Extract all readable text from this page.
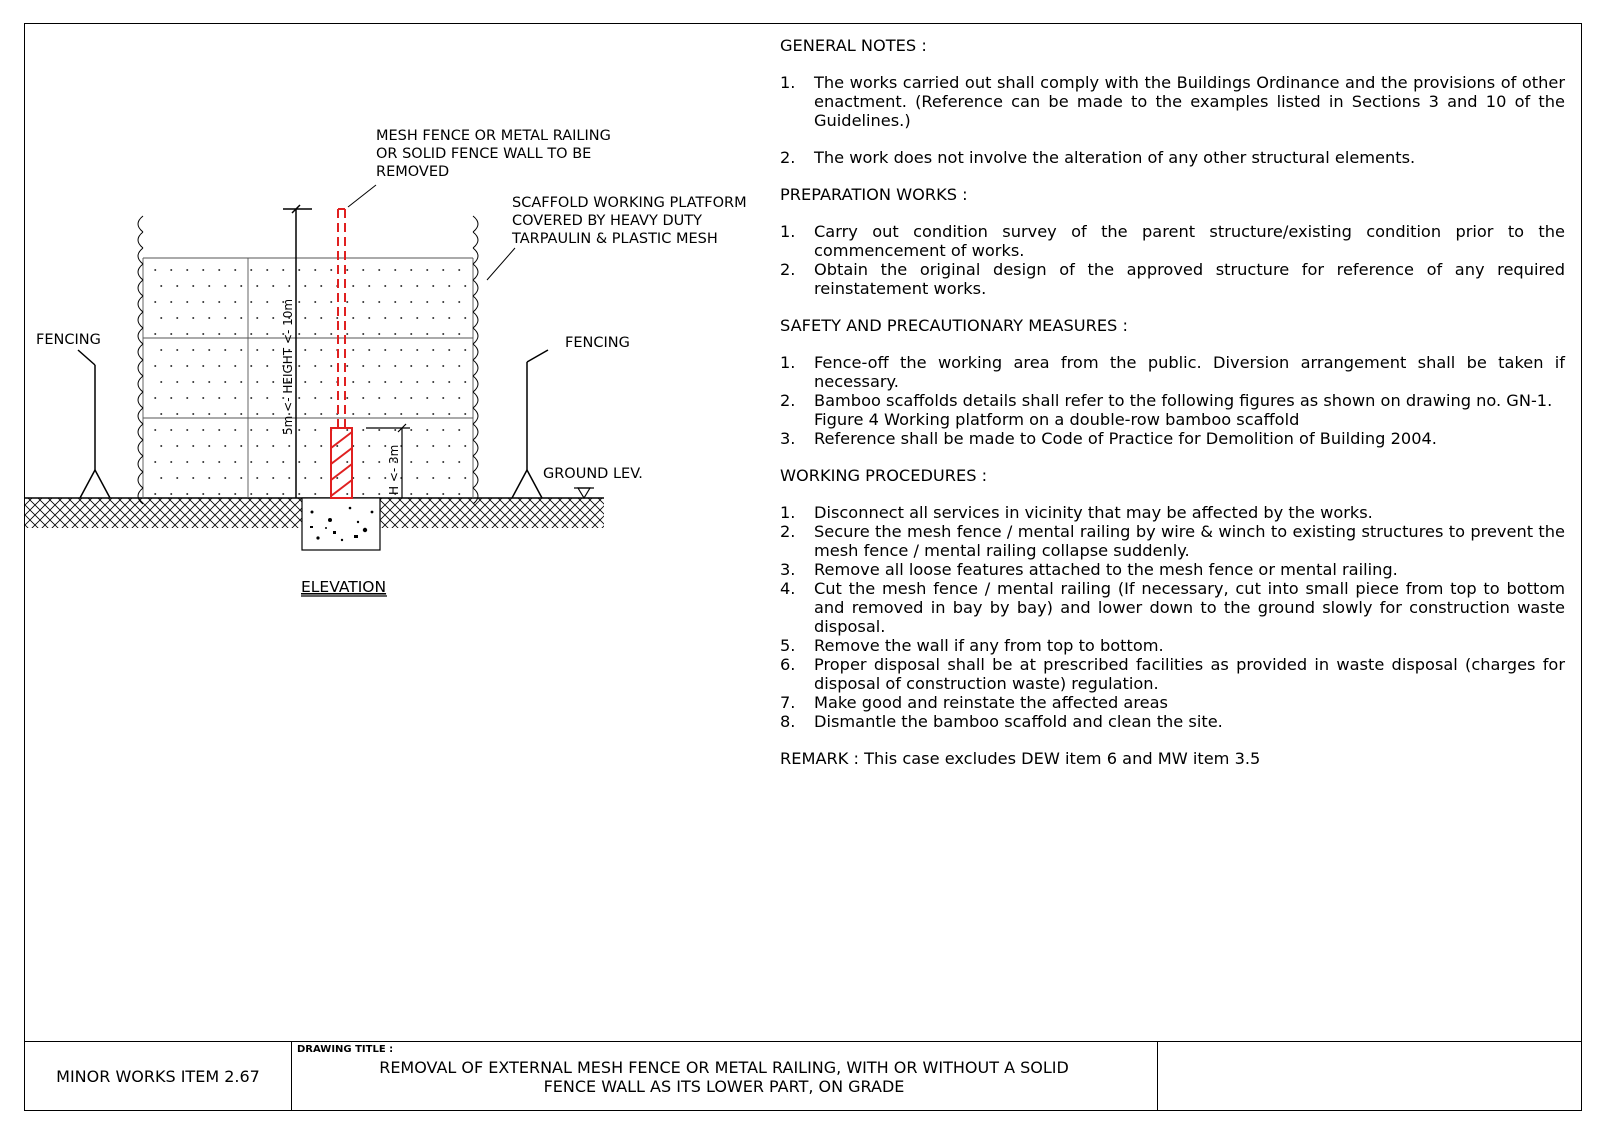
5m <- HEIGHT <- 10m
H <- 3m
MESH FENCE OR METAL RAILING
OR SOLID FENCE WALL TO BE
REMOVED
SCAFFOLD WORKING PLATFORM
COVERED BY HEAVY DUTY
TARPAULIN & PLASTIC MESH
FENCING	FENCING
GROUND LEV.
ELEVATION
GENERAL NOTES :
1. The works carried out shall comply with the Buildings Ordinance and the provisions of other enactment. (Reference can be made to the examples listed in Sections 3 and 10 of the Guidelines.)
2. The work does not involve the alteration of any other structural elements.
PREPARATION WORKS :
1. Carry out condition survey of the parent structure/existing condition prior to the commencement of works.
2. Obtain the original design of the approved structure for reference of any required reinstatement works.
SAFETY AND PRECAUTIONARY MEASURES :
1. Fence-off the working area from the public. Diversion arrangement shall be taken if necessary.
2. Bamboo scaffolds details shall refer to the following figures as shown on drawing no. GN-1.
Figure 4 Working platform on a double-row bamboo scaffold
3. Reference shall be made to Code of Practice for Demolition of Building 2004.
WORKING PROCEDURES :
1. Disconnect all services in vicinity that may be affected by the works.
2. Secure the mesh fence / mental railing by wire & winch to existing structures to prevent the mesh fence / mental railing collapse suddenly.
3. Remove all loose features attached to the mesh fence or mental railing.
4. Cut the mesh fence / mental railing (If necessary, cut into small piece from top to bottom and removed in bay by bay) and lower down to the ground slowly for construction waste disposal.
5. Remove the wall if any from top to bottom.
6. Proper disposal shall be at prescribed facilities as provided in waste disposal (charges for disposal of construction waste) regulation.
7. Make good and reinstate the affected areas
8. Dismantle the bamboo scaffold and clean the site.
REMARK : This case excludes DEW item 6 and MW item 3.5
MINOR WORKS ITEM 2.67
DRAWING TITLE :
REMOVAL OF EXTERNAL MESH FENCE OR METAL RAILING, WITH OR WITHOUT A SOLID
FENCE WALL AS ITS LOWER PART, ON GRADE
